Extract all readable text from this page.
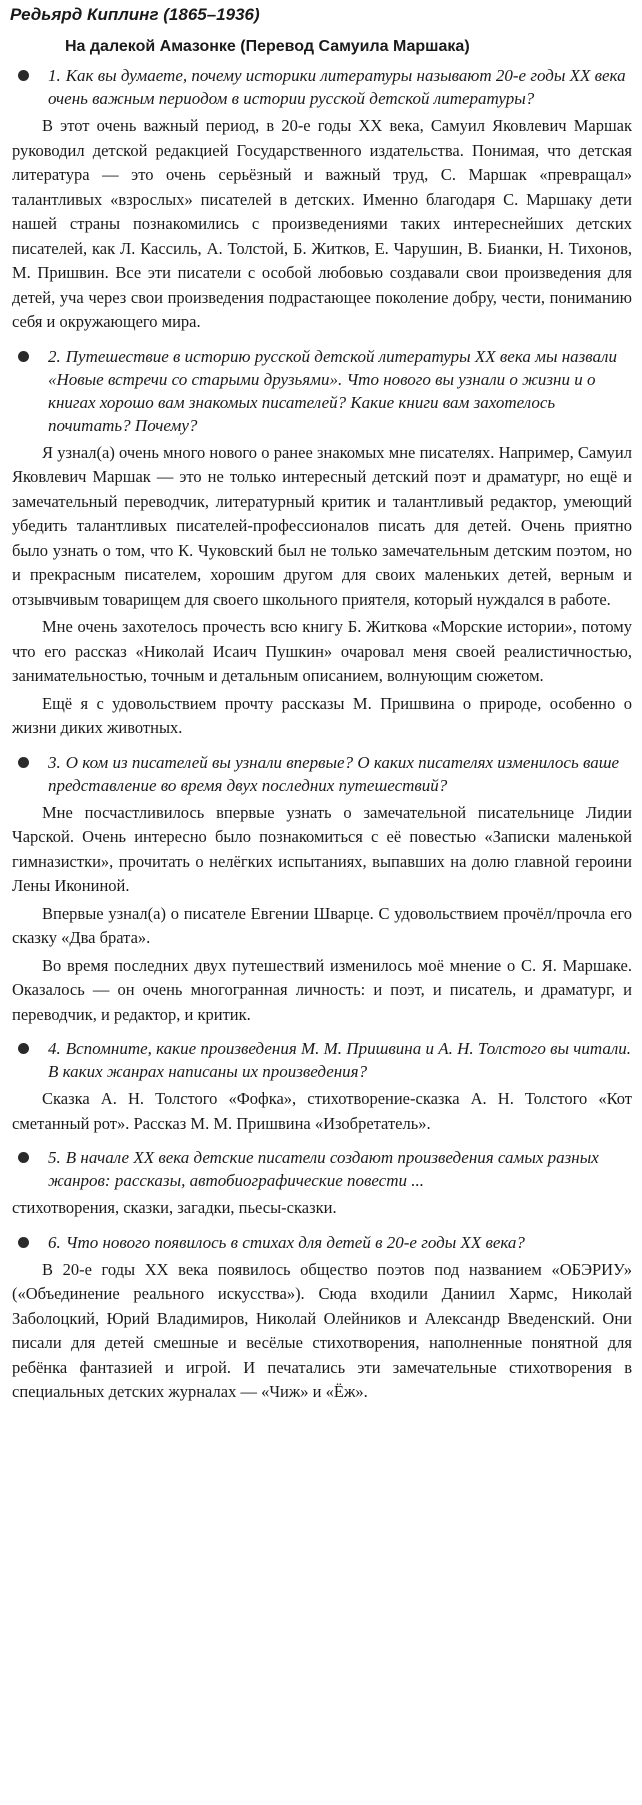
Редьярд Киплинг (1865–1936)
На далекой Амазонке (Перевод Самуила Маршака)
1. Как вы думаете, почему историки литературы называют 20-е годы XX века очень важным периодом в истории русской детской литературы?

В этот очень важный период, в 20-е годы XX века, Самуил Яковлевич Маршак руководил детской редакцией Государственного издательства. Понимая, что детская литература — это очень серьёзный и важный труд, С. Маршак «превращал» талантливых «взрослых» писателей в детских. Именно благодаря С. Маршаку дети нашей страны познакомились с произведениями таких интереснейших детских писателей, как Л. Кассиль, А. Толстой, Б. Житков, Е. Чарушин, В. Бианки, Н. Тихонов, М. Пришвин. Все эти писатели с особой любовью создавали свои произведения для детей, уча через свои произведения подрастающее поколение добру, чести, пониманию себя и окружающего мира.

2. Путешествие в историю русской детской литературы XX века мы назвали «Новые встречи со старыми друзьями». Что нового вы узнали о жизни и о книгах хорошо вам знакомых писателей? Какие книги вам захотелось почитать? Почему?

Я узнал(а) очень много нового о ранее знакомых мне писателях. Например, Самуил Яковлевич Маршак — это не только интересный детский поэт и драматург, но ещё и замечательный переводчик, литературный критик и талантливый редактор, умеющий убедить талантливых писателей-профессионалов писать для детей. Очень приятно было узнать о том, что К. Чуковский был не только замечательным детским поэтом, но и прекрасным писателем, хорошим другом для своих маленьких детей, верным и отзывчивым товарищем для своего школьного приятеля, который нуждался в работе.

Мне очень захотелось прочесть всю книгу Б. Житкова «Морские истории», потому что его рассказ «Николай Исаич Пушкин» очаровал меня своей реалистичностью, занимательностью, точным и детальным описанием, волнующим сюжетом.

Ещё я с удовольствием прочту рассказы М. Пришвина о природе, особенно о жизни диких животных.

3. О ком из писателей вы узнали впервые? О каких писателях изменилось ваше представление во время двух последних путешествий?

Мне посчастливилось впервые узнать о замечательной писательнице Лидии Чарской. Очень интересно было познакомиться с её повестью «Записки маленькой гимназистки», прочитать о нелёгких испытаниях, выпавших на долю главной героини Лены Икониной.

Впервые узнал(а) о писателе Евгении Шварце. С удовольствием прочёл/прочла его сказку «Два брата».

Во время последних двух путешествий изменилось моё мнение о С. Я. Маршаке. Оказалось — он очень многогранная личность: и поэт, и писатель, и драматург, и переводчик, и редактор, и критик.

4. Вспомните, какие произведения М. М. Пришвина и А. Н. Толстого вы читали. В каких жанрах написаны их произведения?

Сказка А. Н. Толстого «Фофка», стихотворение-сказка А. Н. Толстого «Кот сметанный рот». Рассказ М. М. Пришвина «Изобретатель».

5. В начале XX века детские писатели создают произведения самых разных жанров: рассказы, автобиографические повести ...

стихотворения, сказки, загадки, пьесы-сказки.

6. Что нового появилось в стихах для детей в 20-е годы XX века?

В 20-е годы XX века появилось общество поэтов под названием «ОБЭРИУ» («Объединение реального искусства»). Сюда входили Даниил Хармс, Николай Заболоцкий, Юрий Владимиров, Николай Олейников и Александр Введенский. Они писали для детей смешные и весёлые стихотворения, наполненные понятной для ребёнка фантазией и игрой. И печатались эти замечательные стихотворения в специальных детских журналах — «Чиж» и «Ёж».
